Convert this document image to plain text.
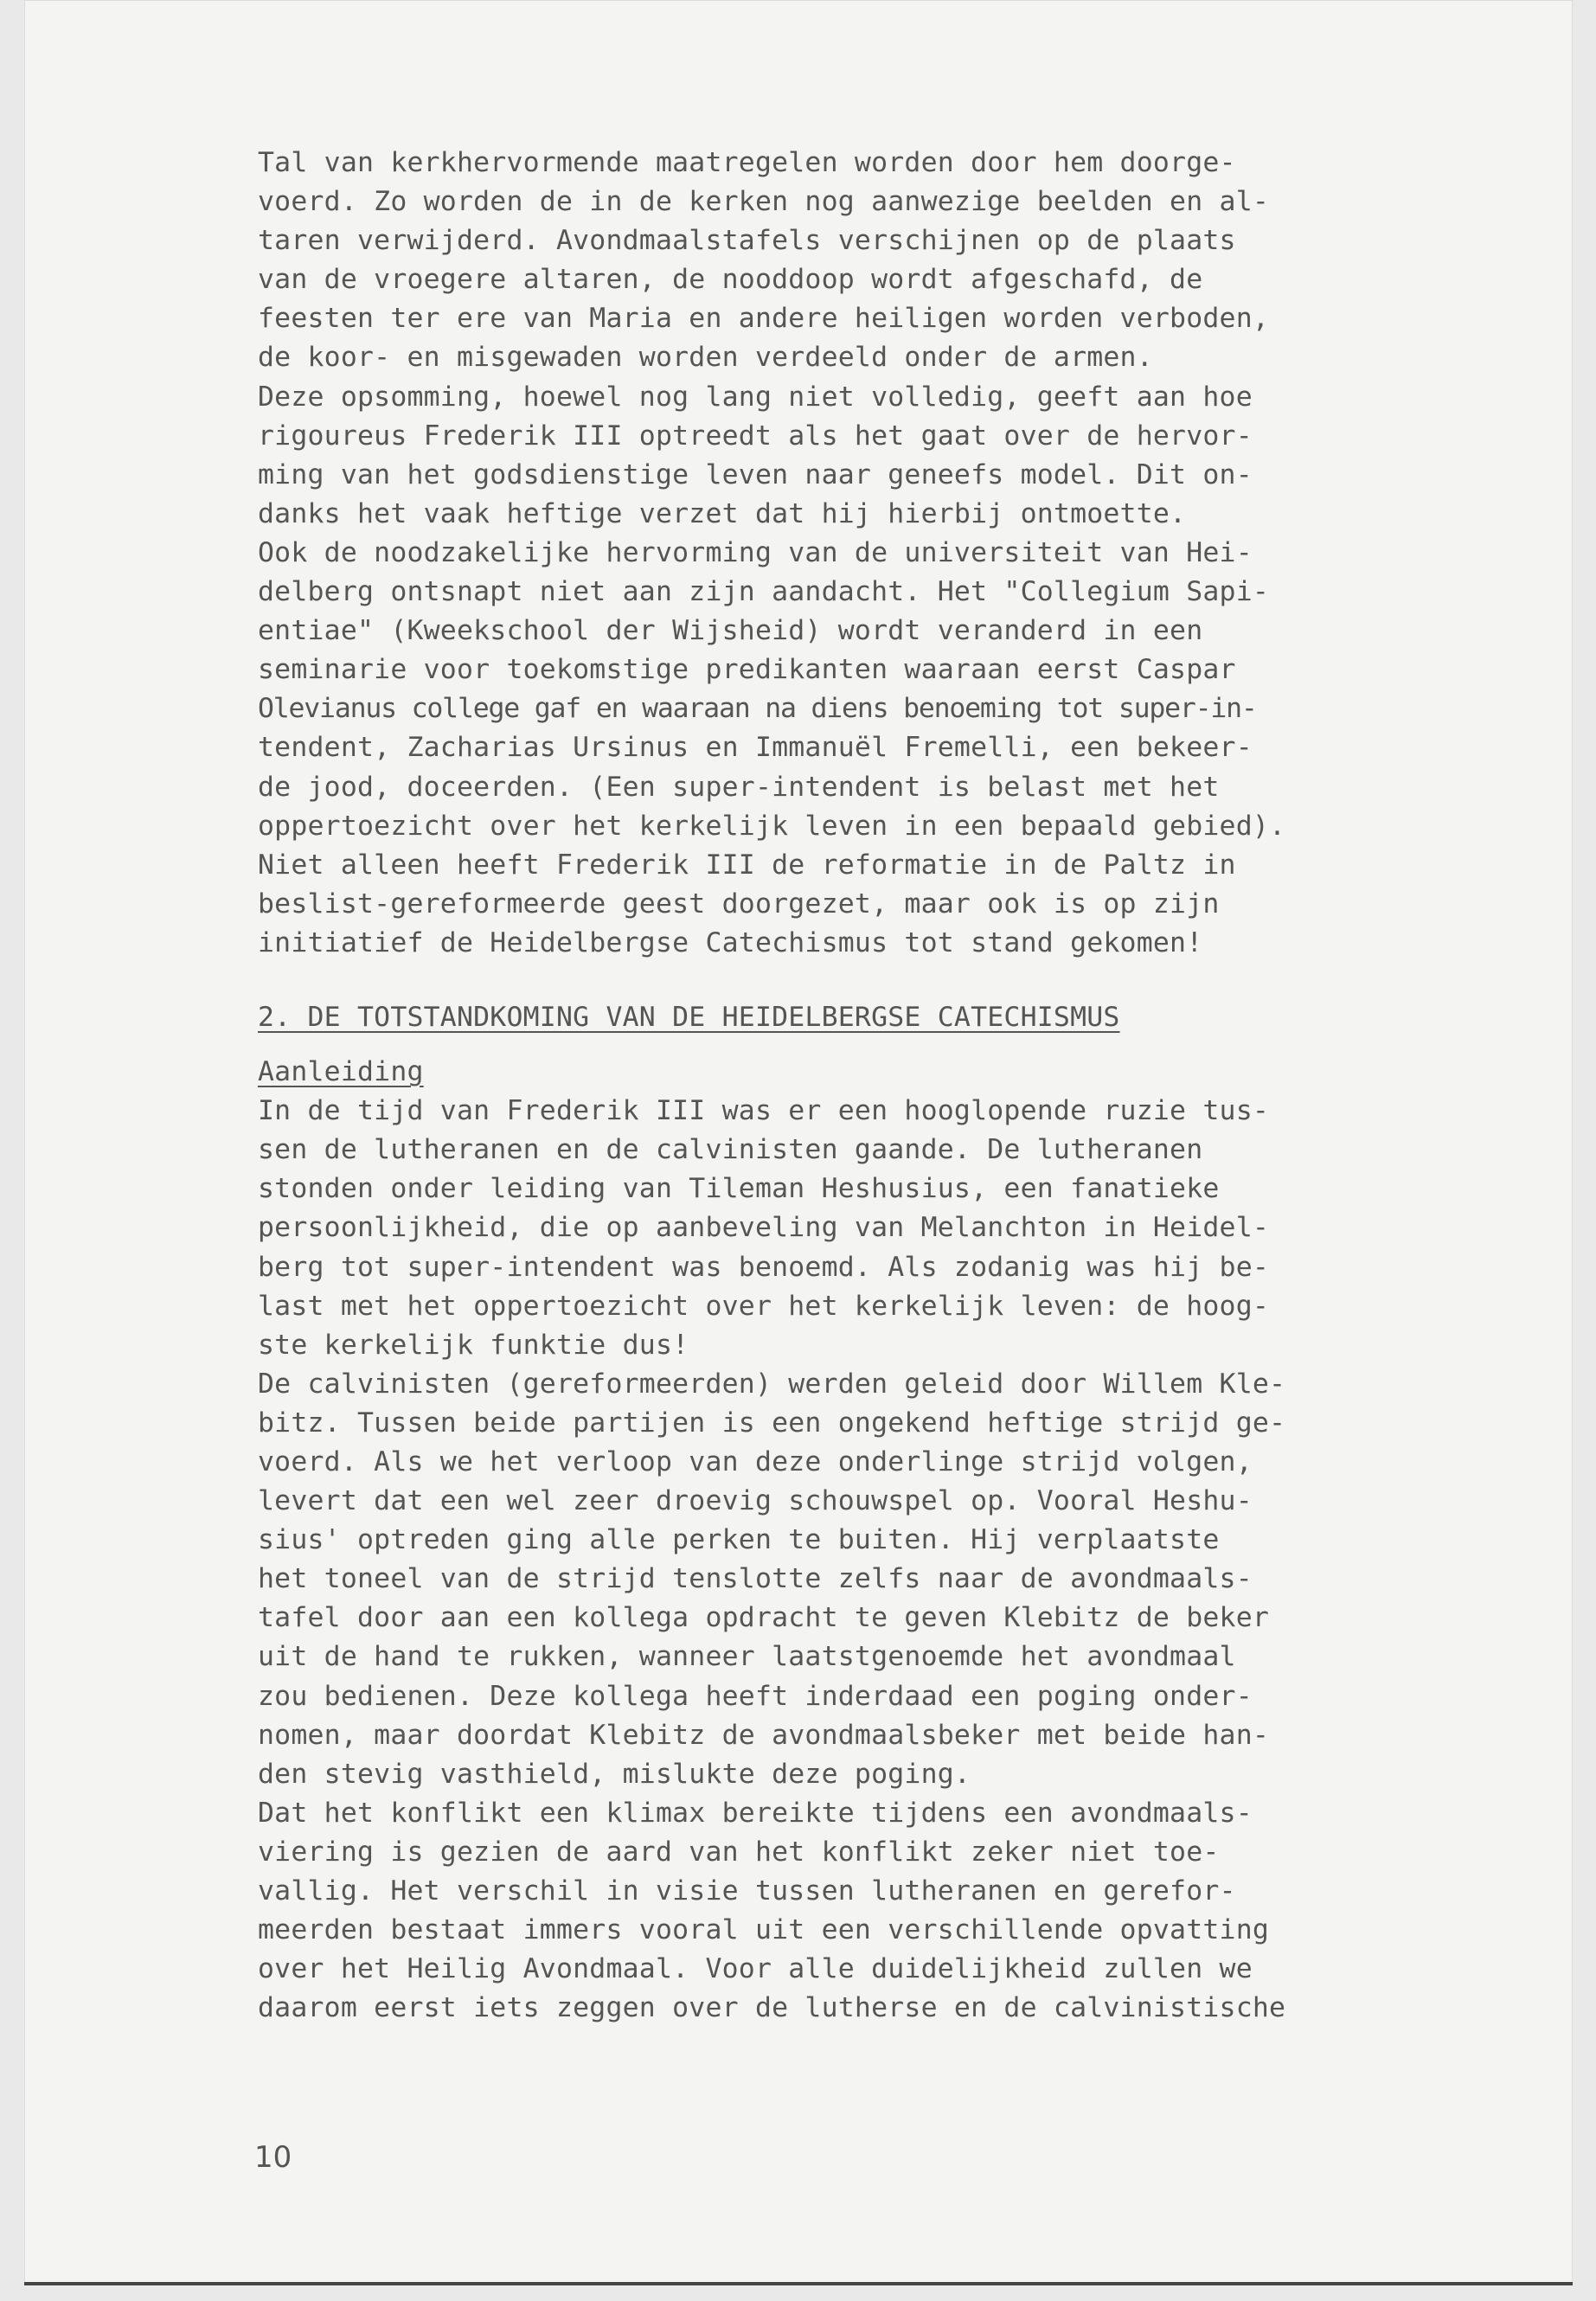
Tal van kerkhervormende maatregelen worden door hem doorge-
voerd. Zo worden de in de kerken nog aanwezige beelden en al-
taren verwijderd. Avondmaalstafels verschijnen op de plaats
van de vroegere altaren, de nooddoop wordt afgeschafd, de
feesten ter ere van Maria en andere heiligen worden verboden,
de koor- en misgewaden worden verdeeld onder de armen.
Deze opsomming, hoewel nog lang niet volledig, geeft aan hoe
rigoureus Frederik III optreedt als het gaat over de hervor-
ming van het godsdienstige leven naar geneefs model. Dit on-
danks het vaak heftige verzet dat hij hierbij ontmoette.
Ook de noodzakelijke hervorming van de universiteit van Hei-
delberg ontsnapt niet aan zijn aandacht. Het "Collegium Sapi-
entiae" (Kweekschool der Wijsheid) wordt veranderd in een
seminarie voor toekomstige predikanten waaraan eerst Caspar
Olevianus college gaf en waaraan na diens benoeming tot super-in-
tendent, Zacharias Ursinus en Immanuël Fremelli, een bekeer-
de jood, doceerden. (Een super-intendent is belast met het
oppertoezicht over het kerkelijk leven in een bepaald gebied).
Niet alleen heeft Frederik III de reformatie in de Paltz in
beslist-gereformeerde geest doorgezet, maar ook is op zijn
initiatief de Heidelbergse Catechismus tot stand gekomen!
2. DE TOTSTANDKOMING VAN DE HEIDELBERGSE CATECHISMUS
Aanleiding
In de tijd van Frederik III was er een hooglopende ruzie tus-
sen de lutheranen en de calvinisten gaande. De lutheranen
stonden onder leiding van Tileman Heshusius, een fanatieke
persoonlijkheid, die op aanbeveling van Melanchton in Heidel-
berg tot super-intendent was benoemd. Als zodanig was hij be-
last met het oppertoezicht over het kerkelijk leven: de hoog-
ste kerkelijk funktie dus!
De calvinisten (gereformeerden) werden geleid door Willem Kle-
bitz. Tussen beide partijen is een ongekend heftige strijd ge-
voerd. Als we het verloop van deze onderlinge strijd volgen,
levert dat een wel zeer droevig schouwspel op. Vooral Heshu-
sius' optreden ging alle perken te buiten. Hij verplaatste
het toneel van de strijd tenslotte zelfs naar de avondmaals-
tafel door aan een kollega opdracht te geven Klebitz de beker
uit de hand te rukken, wanneer laatstgenoemde het avondmaal
zou bedienen. Deze kollega heeft inderdaad een poging onder-
nomen, maar doordat Klebitz de avondmaalsbeker met beide han-
den stevig vasthield, mislukte deze poging.
Dat het konflikt een klimax bereikte tijdens een avondmaals-
viering is gezien de aard van het konflikt zeker niet toe-
vallig. Het verschil in visie tussen lutheranen en gerefor-
meerden bestaat immers vooral uit een verschillende opvatting
over het Heilig Avondmaal. Voor alle duidelijkheid zullen we
daarom eerst iets zeggen over de lutherse en de calvinistische
10
